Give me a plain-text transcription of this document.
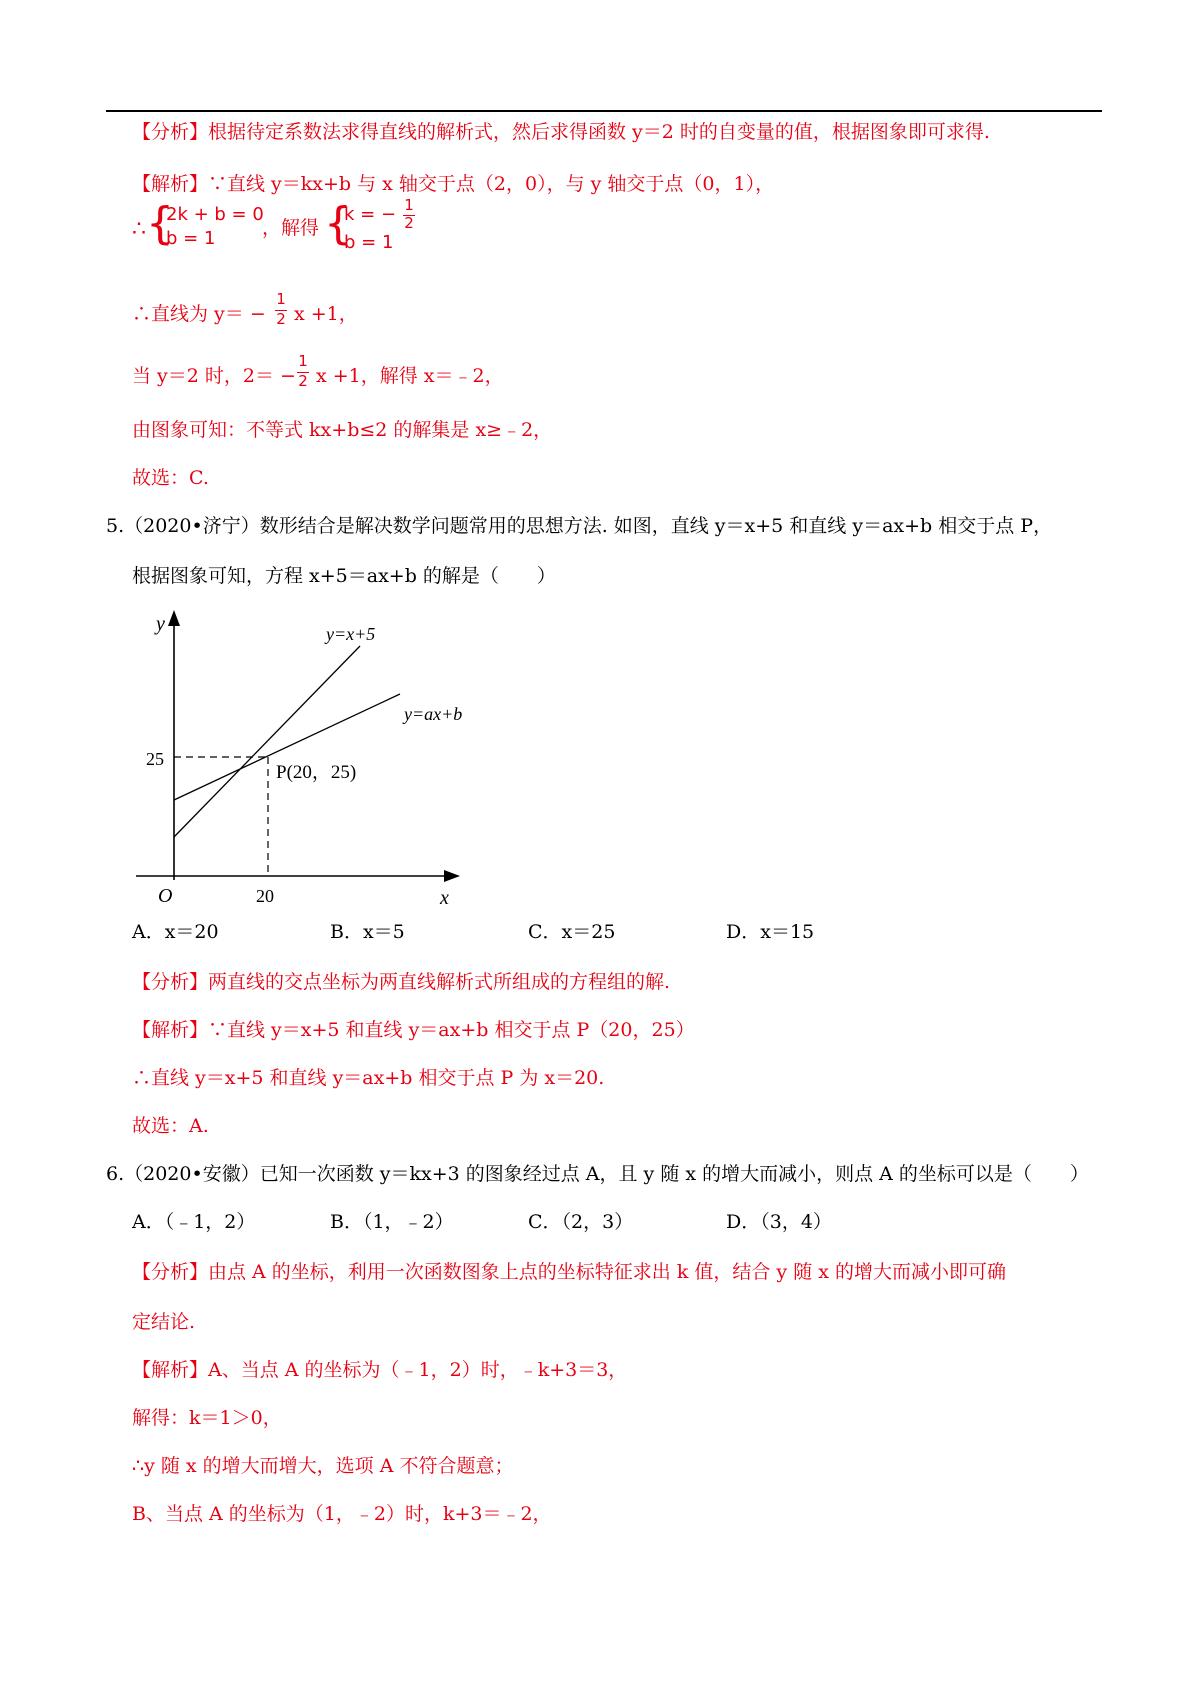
【分析】根据待定系数法求得直线的解析式，然后求得函数 y＝2 时的自变量的值，根据图象即可求得.
【解析】∵直线 y＝kx+b 与 x 轴交于点（2，0），与 y 轴交于点（0，1），
∴ {
2k + b = 0
b = 1 ，解得 {
k = − 1
2
b = 1
∴直线为 y＝ −
1
2 x +1，
当 y＝2 时，2＝ −
1
2 x +1，解得 x＝﹣2，
由图象可知：不等式 kx+b≤2 的解集是 x≥﹣2，
故选：C.
5.（2020•济宁）数形结合是解决数学问题常用的思想方法. 如图，直线 y＝x+5 和直线 y＝ax+b 相交于点 P，
根据图象可知，方程 x+5＝ax+b 的解是（　　）
y
x
O
25
20
y=x+5
y=ax+b
P(20，25)
A．x＝20	B．x＝5	C．x＝25	D．x＝15
【分析】两直线的交点坐标为两直线解析式所组成的方程组的解.
【解析】∵直线 y＝x+5 和直线 y＝ax+b 相交于点 P（20，25）
∴直线 y＝x+5 和直线 y＝ax+b 相交于点 P 为 x＝20.
故选：A.
6.（2020•安徽）已知一次函数 y＝kx+3 的图象经过点 A，且 y 随 x 的增大而减小，则点 A 的坐标可以是（　　）
A．（﹣1，2）	B．（1，﹣2）	C．（2，3）	D．（3，4）
【分析】由点 A 的坐标，利用一次函数图象上点的坐标特征求出 k 值，结合 y 随 x 的增大而减小即可确
定结论.
【解析】A、当点 A 的坐标为（﹣1，2）时，﹣k+3＝3，
解得：k＝1＞0，
∴y 随 x 的增大而增大，选项 A 不符合题意；
B、当点 A 的坐标为（1，﹣2）时，k+3＝﹣2，
